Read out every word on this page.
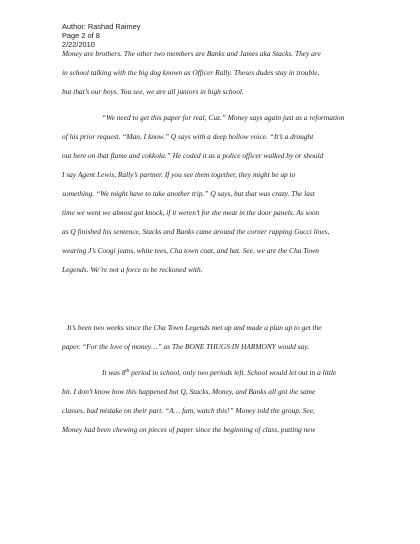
Author: Rashad Raimey
Page 2 of 8
2/22/2010
Money are brothers. The other two members are Banks and James aka Stacks. They are
in school talking with the big dog known as Officer Rally. Theses dudes stay in trouble,
but that’s our boys. You see, we are all juniors in high school.
“We need to get this paper for real, Cuz.” Money says again just as a reformation
of his prior request. “Man, I know.” Q says with a deep hollow voice. “It’s a drought
out here on that flame and cokkola.” He coded it as a police officer walked by or should
I say Agent Lewis, Rally’s partner. If you see them together, they might be up to
something. “We might have to take another trip.” Q says, but that was crazy. The last
time we went we almost got knock, if it weren’t for the meat in the door panels. As soon
as Q finished his sentence, Stacks and Banks came around the corner rapping Gucci lines,
wearing J’s Coogi jeans, white tees, Cha town coat, and hat. See, we are the Cha Town
Legends. We’re not a force to be reckoned with.
It’s been two weeks since the Cha Town Legends met up and made a plan up to get the
paper. “For the love of money…” as The BONE THUGS IN HARMONY would say.
It was 8th period in school, only two periods left. School would let out in a little
bit. I don’t know how this happened but Q, Stacks, Money, and Banks all got the same
classes, bad mistake on their part. “A… fam, watch this!” Money told the group. See,
Money had been chewing on pieces of paper since the beginning of class, putting new
